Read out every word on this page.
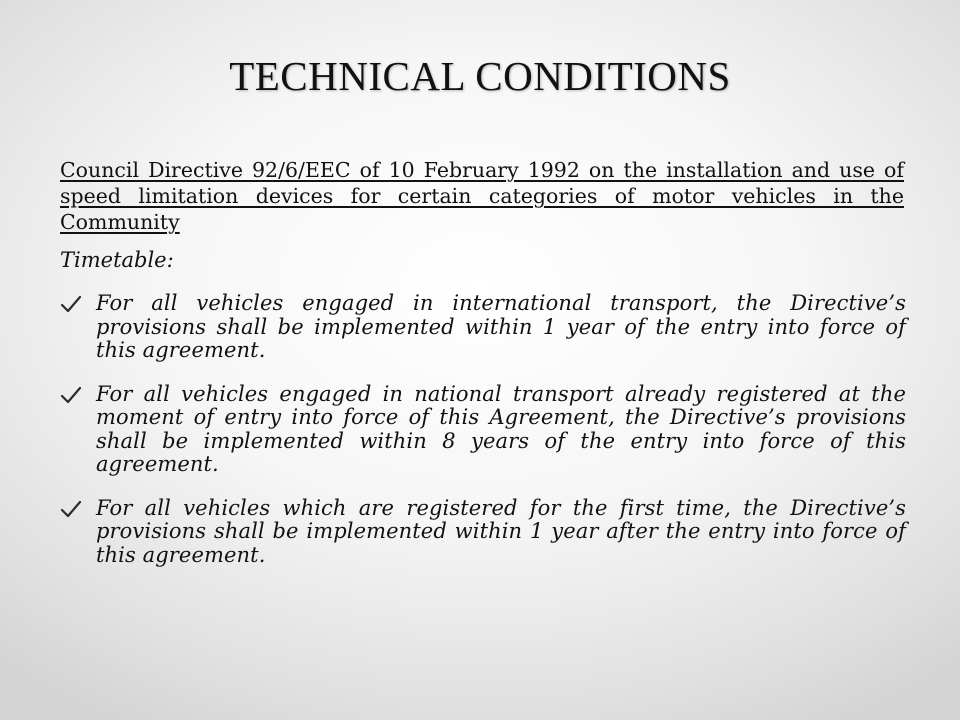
TECHNICAL CONDITIONS

Council Directive 92/6/EEC of 10 February 1992 on the installation and use of speed limitation devices for certain categories of motor vehicles in the Community

Timetable:

For all vehicles engaged in international transport, the Directive’s provisions shall be implemented within 1 year of the entry into force of this agreement.
For all vehicles engaged in national transport already registered at the moment of entry into force of this Agreement, the Directive’s provisions shall be implemented within 8 years of the entry into force of this agreement.
For all vehicles which are registered for the first time, the Directive’s provisions shall be implemented within 1 year after the entry into force of this agreement.
